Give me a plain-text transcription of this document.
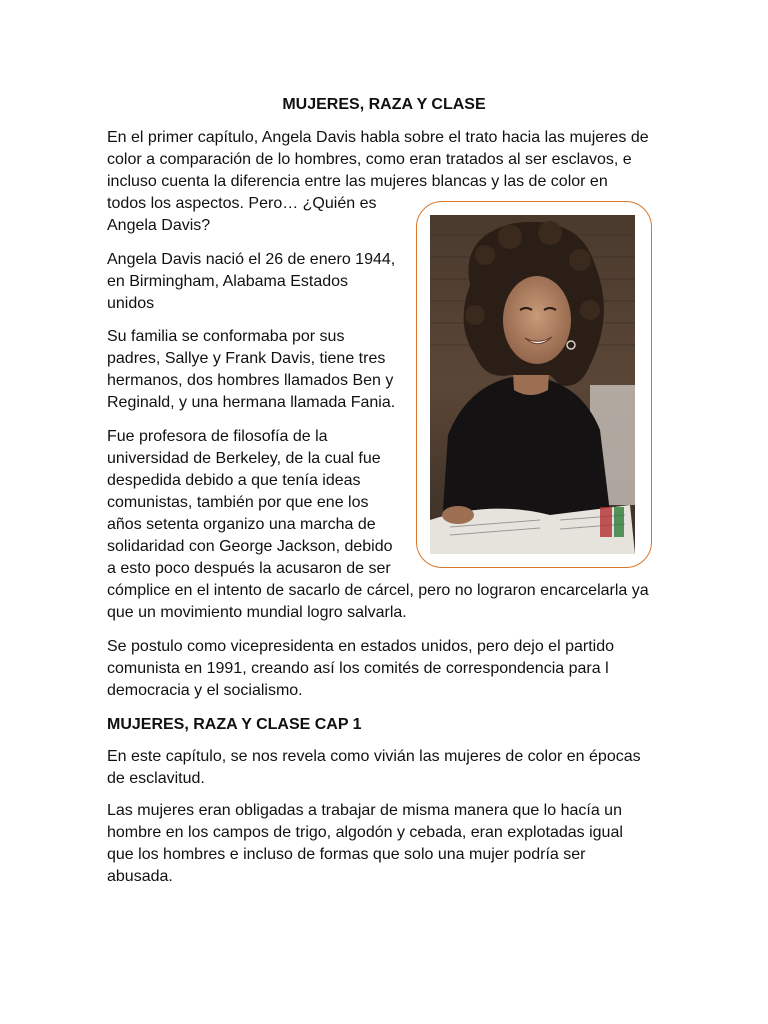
MUJERES, RAZA Y CLASE

En el primer capítulo, Angela Davis habla sobre el trato hacia las mujeres de
color a comparación de lo hombres, como eran tratados al ser esclavos, e
incluso cuenta la diferencia entre las mujeres blancas y las de color en
todos los aspectos. Pero… ¿Quién es
Angela Davis?

Angela Davis nació el 26 de enero 1944,
en Birmingham, Alabama Estados
unidos

Su familia se conformaba por sus
padres, Sallye y Frank Davis, tiene tres
hermanos, dos hombres llamados Ben y
Reginald, y una hermana llamada Fania.

Fue profesora de filosofía de la
universidad de Berkeley, de la cual fue
despedida debido a que tenía ideas
comunistas, también por que ene los
años setenta organizo una marcha de
solidaridad con George Jackson, debido
a esto poco después la acusaron de ser
cómplice en el intento de sacarlo de cárcel, pero no lograron encarcelarla ya
que un movimiento mundial logro salvarla.

Se postulo como vicepresidenta en estados unidos, pero dejo el partido
comunista en 1991, creando así los comités de correspondencia para l
democracia y el socialismo.

MUJERES, RAZA Y CLASE CAP 1

En este capítulo, se nos revela como vivián las mujeres de color en épocas
de esclavitud.

Las mujeres eran obligadas a trabajar de misma manera que lo hacía un
hombre en los campos de trigo, algodón y cebada, eran explotadas igual
que los hombres e incluso de formas que solo una mujer podría ser
abusada.
